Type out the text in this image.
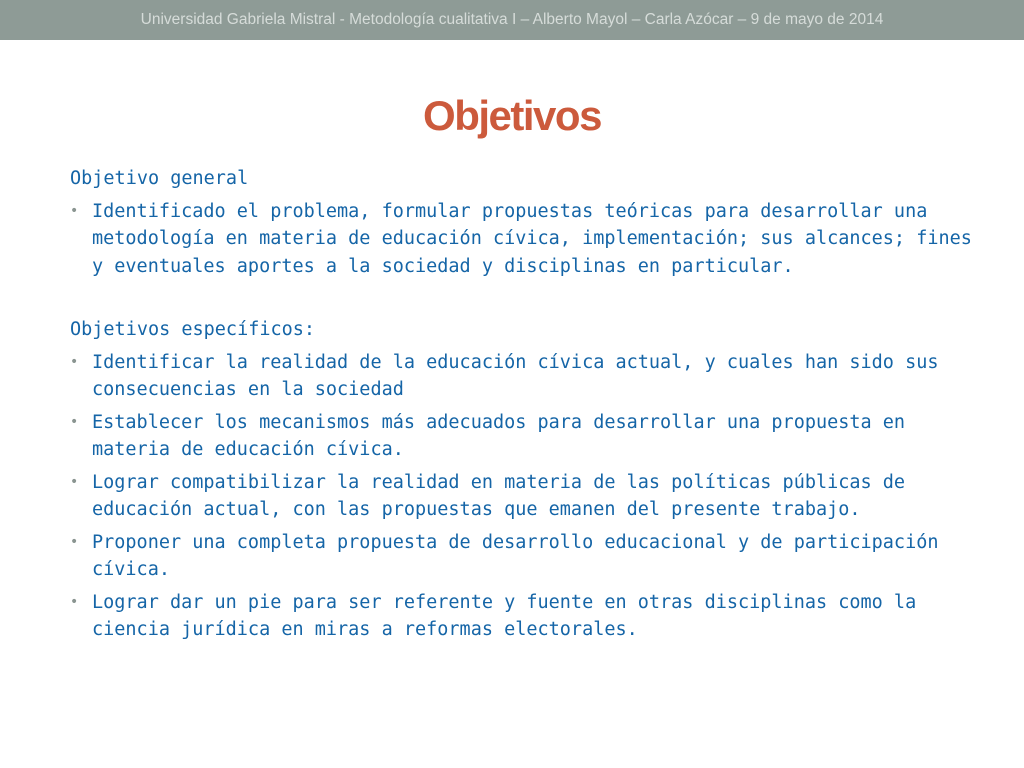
Universidad Gabriela Mistral - Metodología cualitativa I – Alberto Mayol – Carla Azócar – 9 de mayo de 2014
Objetivos

Objetivo general

• Identificado el problema, formular propuestas teóricas para desarrollar una metodología en materia de educación cívica, implementación; sus alcances; fines y eventuales aportes a la sociedad y disciplinas en particular.

Objetivos específicos:

• Identificar la realidad de la educación cívica actual, y cuales han sido sus consecuencias en la sociedad
• Establecer los mecanismos más adecuados para desarrollar una propuesta en materia de educación cívica.
• Lograr compatibilizar la realidad en materia de las políticas públicas de educación actual, con las propuestas que emanen del presente trabajo.
• Proponer una completa propuesta de desarrollo educacional y de participación cívica.
• Lograr dar un pie para ser referente y fuente en otras disciplinas como la ciencia jurídica en miras a reformas electorales.
